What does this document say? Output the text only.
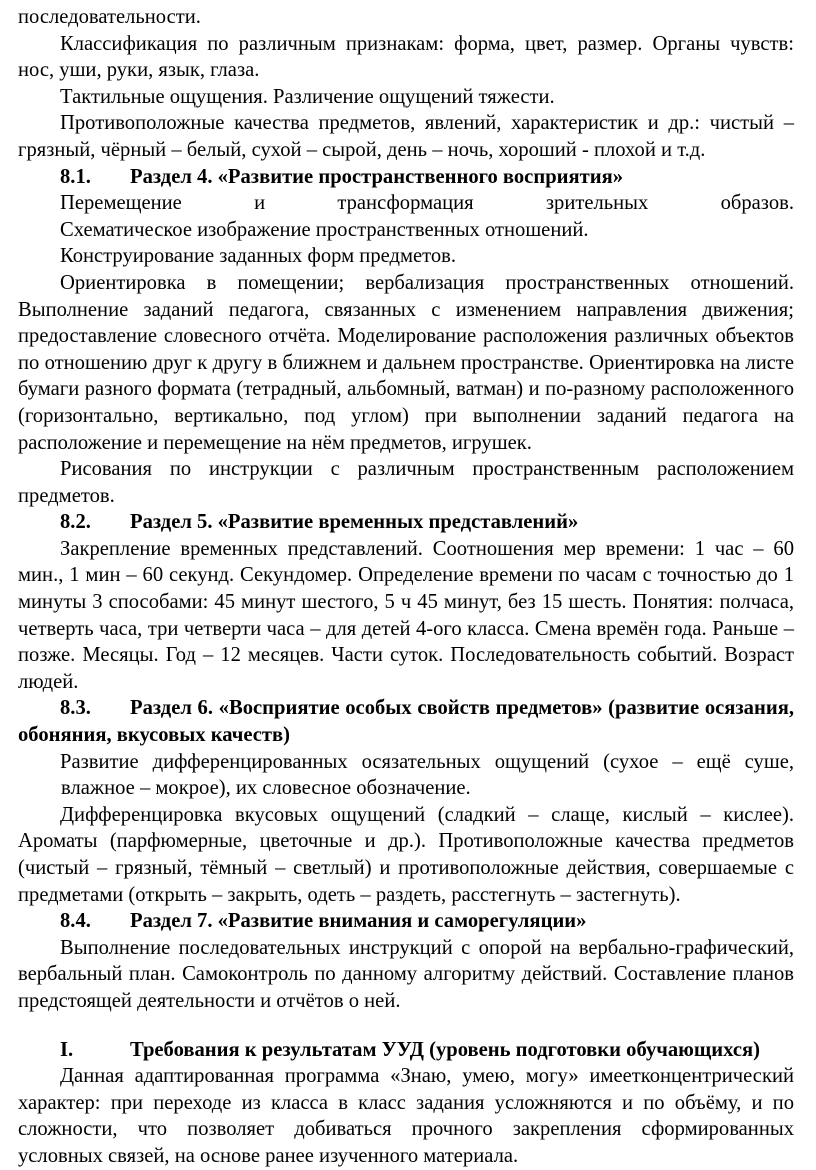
последовательности.

Классификация по различным признакам: форма, цвет, размер. Органы чувств: нос, уши, руки, язык, глаза.

Тактильные ощущения. Различение ощущений тяжести.

Противоположные качества предметов, явлений, характеристик и др.: чистый – грязный, чёрный – белый, сухой – сырой, день – ночь, хороший - плохой и т.д.

8.1. Раздел 4. «Развитие пространственного восприятия»

Перемещение и трансформация зрительных образов.

Схематическое изображение пространственных отношений.

Конструирование заданных форм предметов.

Ориентировка в помещении; вербализация пространственных отношений. Выполнение заданий педагога, связанных с изменением направления движения; предоставление словесного отчёта. Моделирование расположения различных объектов по отношению друг к другу в ближнем и дальнем пространстве. Ориентировка на листе бумаги разного формата (тетрадный, альбомный, ватман) и по-разному расположенного (горизонтально, вертикально, под углом) при выполнении заданий педагога на расположение и перемещение на нём предметов, игрушек.

Рисования по инструкции с различным пространственным расположением предметов.

8.2. Раздел 5. «Развитие временных представлений»

Закрепление временных представлений. Соотношения мер времени: 1 час – 60 мин., 1 мин – 60 секунд. Секундомер. Определение времени по часам с точностью до 1 минуты 3 способами: 45 минут шестого, 5 ч 45 минут, без 15 шесть. Понятия: полчаса, четверть часа, три четверти часа – для детей 4-ого класса. Смена времён года. Раньше – позже. Месяцы. Год – 12 месяцев. Части суток. Последовательность событий. Возраст людей.

8.3. Раздел 6. «Восприятие особых свойств предметов» (развитие осязания, обоняния, вкусовых качеств)

Развитие дифференцированных осязательных ощущений (сухое – ещё суше,

влажное – мокрое), их словесное обозначение.

Дифференцировка вкусовых ощущений (сладкий – слаще, кислый – кислее). Ароматы (парфюмерные, цветочные и др.). Противоположные качества предметов (чистый – грязный, тёмный – светлый) и противоположные действия, совершаемые с предметами (открыть – закрыть, одеть – раздеть, расстегнуть – застегнуть).

8.4. Раздел 7. «Развитие внимания и саморегуляции»

Выполнение последовательных инструкций с опорой на вербально-графический, вербальный план. Самоконтроль по данному алгоритму действий. Составление планов предстоящей деятельности и отчётов о ней.

I.	Требования к результатам УУД (уровень подготовки обучающихся)

Данная адаптированная программа «Знаю, умею, могу» имеетконцентрический характер: при переходе из класса в класс задания усложняются и по объёму, и по сложности, что позволяет добиваться прочного закрепления сформированных условных связей, на основе ранее изученного материала.
